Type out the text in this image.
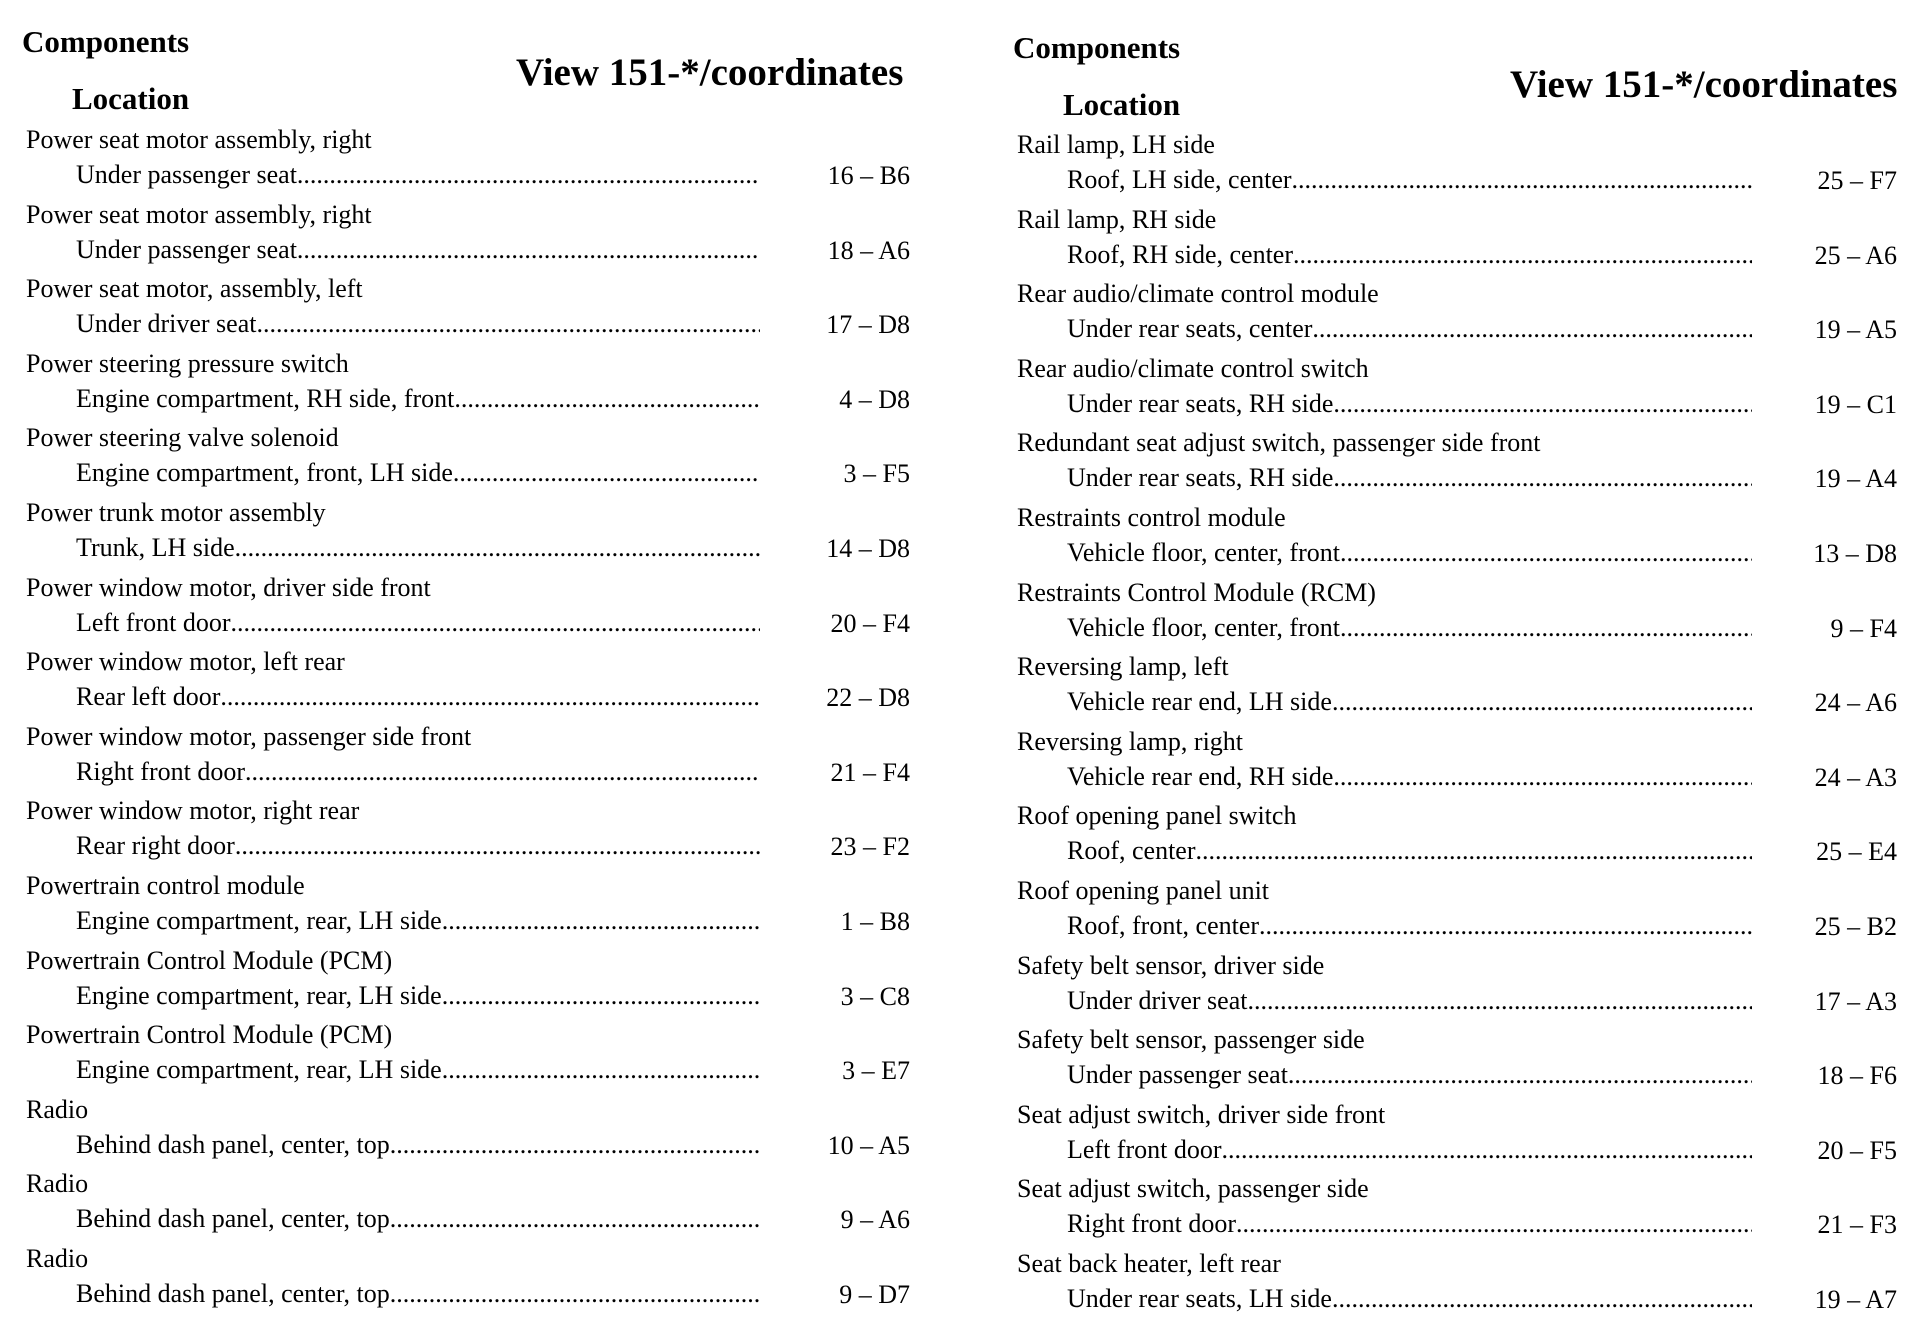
Components
Location
View 151-*/coordinates
Power seat motor assembly, right
Under passenger seat .....	16 – B6
Power seat motor assembly, right
Under passenger seat .....	18 – A6
Power seat motor, assembly, left
Under driver seat .....	17 – D8
Power steering pressure switch
Engine compartment, RH side, front .....	4 – D8
Power steering valve solenoid
Engine compartment, front, LH side .....	3 – F5
Power trunk motor assembly
Trunk, LH side .....	14 – D8
Power window motor, driver side front
Left front door .....	20 – F4
Power window motor, left rear
Rear left door .....	22 – D8
Power window motor, passenger side front
Right front door .....	21 – F4
Power window motor, right rear
Rear right door .....	23 – F2
Powertrain control module
Engine compartment, rear, LH side .....	1 – B8
Powertrain Control Module (PCM)
Engine compartment, rear, LH side .....	3 – C8
Powertrain Control Module (PCM)
Engine compartment, rear, LH side .....	3 – E7
Radio
Behind dash panel, center, top .....	10 – A5
Radio
Behind dash panel, center, top .....	9 – A6
Radio
Behind dash panel, center, top .....	9 – D7
Components
Location	View 151-*/coordinates
Rail lamp, LH side
Roof, LH side, center .....	25 – F7
Rail lamp, RH side
Roof, RH side, center .....	25 – A6
Rear audio/climate control module
Under rear seats, center .....	19 – A5
Rear audio/climate control switch
Under rear seats, RH side .....	19 – C1
Redundant seat adjust switch, passenger side front
Under rear seats, RH side .....	19 – A4
Restraints control module
Vehicle floor, center, front .....	13 – D8
Restraints Control Module (RCM)
Vehicle floor, center, front .....	9 – F4
Reversing lamp, left
Vehicle rear end, LH side .....	24 – A6
Reversing lamp, right
Vehicle rear end, RH side .....	24 – A3
Roof opening panel switch
Roof, center .....	25 – E4
Roof opening panel unit
Roof, front, center .....	25 – B2
Safety belt sensor, driver side
Under driver seat .....	17 – A3
Safety belt sensor, passenger side
Under passenger seat .....	18 – F6
Seat adjust switch, driver side front
Left front door .....	20 – F5
Seat adjust switch, passenger side
Right front door .....	21 – F3
Seat back heater, left rear
Under rear seats, LH side .....	19 – A7
